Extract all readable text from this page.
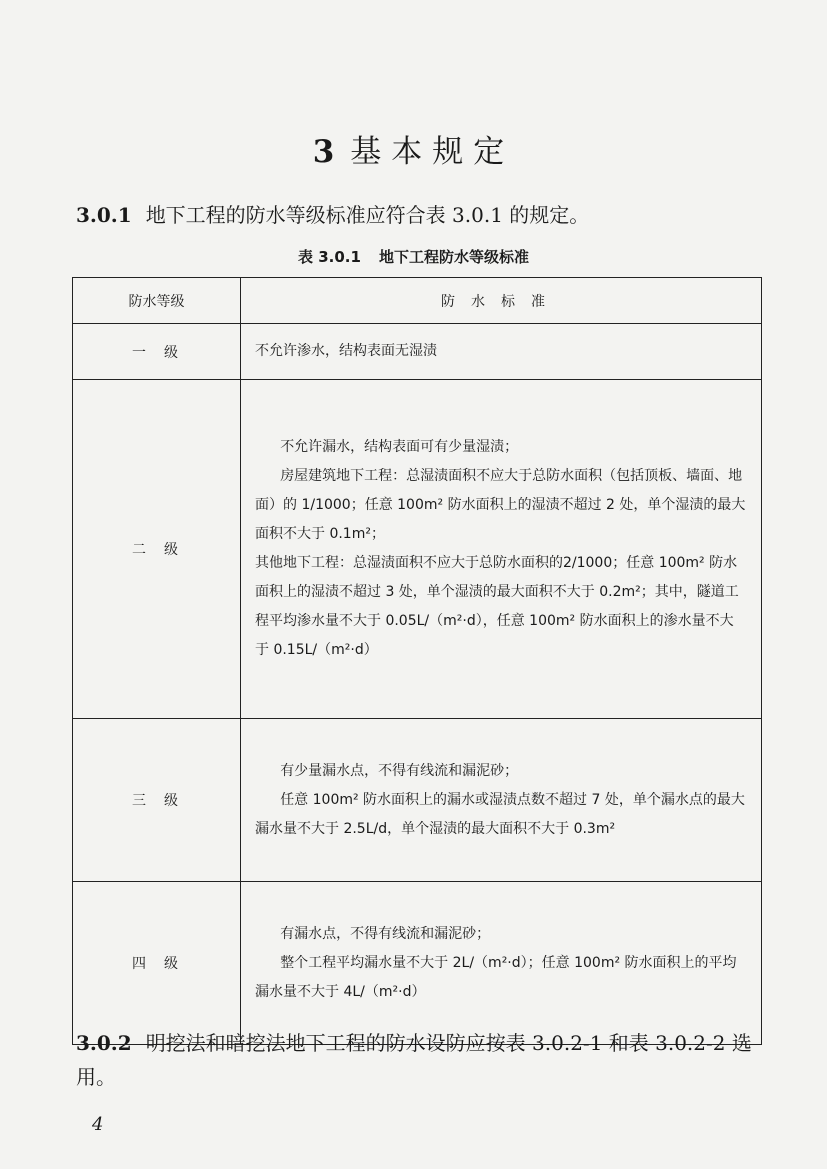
3 基本规定
3.0.1 地下工程的防水等级标准应符合表 3.0.1 的规定。
表 3.0.1 地下工程防水等级标准
防水等级	防水标准
一级	不允许渗水，结构表面无湿渍

二级	不允许漏水，结构表面可有少量湿渍；

房屋建筑地下工程：总湿渍面积不应大于总防水面积（包括顶板、墙面、地面）的 1/1000；任意 100m² 防水面积上的湿渍不超过 2 处，单个湿渍的最大面积不大于 0.1m²；

其他地下工程：总湿渍面积不应大于总防水面积的2/1000；任意 100m² 防水面积上的湿渍不超过 3 处，单个湿渍的最大面积不大于 0.2m²；其中，隧道工程平均渗水量不大于 0.05L/（m²·d），任意 100m² 防水面积上的渗水量不大于 0.15L/（m²·d）

三级	有少量漏水点，不得有线流和漏泥砂；

任意 100m² 防水面积上的漏水或湿渍点数不超过 7 处，单个漏水点的最大漏水量不大于 2.5L/d，单个湿渍的最大面积不大于 0.3m²

四级	有漏水点，不得有线流和漏泥砂；

整个工程平均漏水量不大于 2L/（m²·d）；任意 100m² 防水面积上的平均漏水量不大于 4L/（m²·d）

3.0.2 明挖法和暗挖法地下工程的防水设防应按表 3.0.2-1 和表 3.0.2-2 选用。
4
